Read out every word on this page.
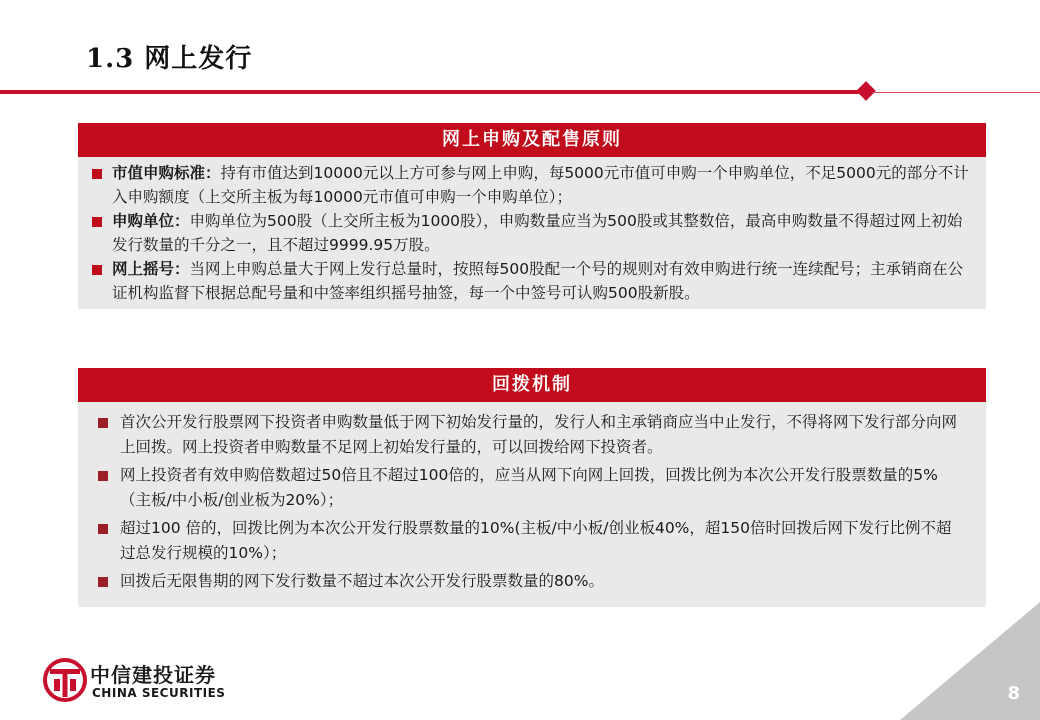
1.3 网上发行
网上申购及配售原则
市值申购标准：持有市值达到10000元以上方可参与网上申购，每5000元市值可申购一个申购单位，不足5000元的部分不计入申购额度（上交所主板为每10000元市值可申购一个申购单位）；
申购单位：申购单位为500股（上交所主板为1000股），申购数量应当为500股或其整数倍，最高申购数量不得超过网上初始发行数量的千分之一，且不超过9999.95万股。
网上摇号：当网上申购总量大于网上发行总量时，按照每500股配一个号的规则对有效申购进行统一连续配号；主承销商在公证机构监督下根据总配号量和中签率组织摇号抽签，每一个中签号可认购500股新股。
回拨机制
首次公开发行股票网下投资者申购数量低于网下初始发行量的，发行人和主承销商应当中止发行，不得将网下发行部分向网上回拨。网上投资者申购数量不足网上初始发行量的，可以回拨给网下投资者。
网上投资者有效申购倍数超过50倍且不超过100倍的，应当从网下向网上回拨，回拨比例为本次公开发行股票数量的5%（主板/中小板/创业板为20%）；
超过100 倍的，回拨比例为本次公开发行股票数量的10%(主板/中小板/创业板40%，超150倍时回拨后网下发行比例不超过总发行规模的10%）；
回拨后无限售期的网下发行数量不超过本次公开发行股票数量的80%。
中信建投证券
CHINA SECURITIES	8
